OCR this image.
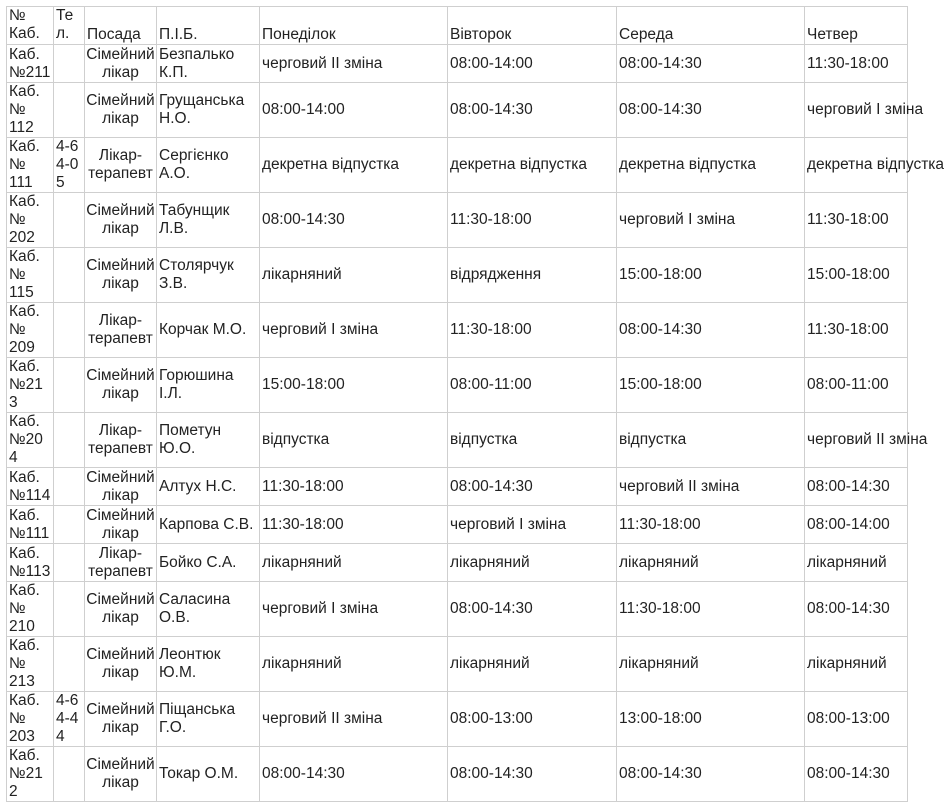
№ Каб.	Тел.	Посада	П.І.Б.	Понеділок	Вівторок	Середа	Четвер
Каб. №211		Сімейний лікар	Безпалько К.П.	черговий ІІ зміна	08:00-14:00	08:00-14:30	11:30-18:00
Каб. № 112		Сімейний лікар	Грущанська Н.О.	08:00-14:00	08:00-14:30	08:00-14:30	черговий І зміна
Каб. № 111	4-64-05	Лікар-терапевт	Сергієнко А.О.	декретна відпустка	декретна відпустка	декретна відпустка	декретна відпустка
Каб. № 202		Сімейний лікар	Табунщик Л.В.	08:00-14:30	11:30-18:00	черговий І зміна	11:30-18:00
Каб. № 115		Сімейний лікар	Столярчук З.В.	лікарняний	відрядження	15:00-18:00	15:00-18:00
Каб. № 209		Лікар-терапевт	Корчак М.О.	черговий І зміна	11:30-18:00	08:00-14:30	11:30-18:00
Каб. №213		Сімейний лікар	Горюшина І.Л.	15:00-18:00	08:00-11:00	15:00-18:00	08:00-11:00
Каб. №204		Лікар-терапевт	Пометун Ю.О.	відпустка	відпустка	відпустка	черговий ІІ зміна
Каб. №114		Сімейний лікар	Алтух Н.С.	11:30-18:00	08:00-14:30	черговий ІІ зміна	08:00-14:30
Каб. №111		Сімейний лікар	Карпова С.В.	11:30-18:00	черговий І зміна	11:30-18:00	08:00-14:00
Каб. №113		Лікар-терапевт	Бойко С.А.	лікарняний	лікарняний	лікарняний	лікарняний
Каб. № 210		Сімейний лікар	Саласина О.В.	черговий І зміна	08:00-14:30	11:30-18:00	08:00-14:30
Каб. № 213		Сімейний лікар	Леонтюк Ю.М.	лікарняний	лікарняний	лікарняний	лікарняний
Каб. № 203	4-64-44	Сімейний лікар	Піщанська Г.О.	черговий ІІ зміна	08:00-13:00	13:00-18:00	08:00-13:00
Каб. №212		Сімейний лікар	Токар О.М.	08:00-14:30	08:00-14:30	08:00-14:30	08:00-14:30
